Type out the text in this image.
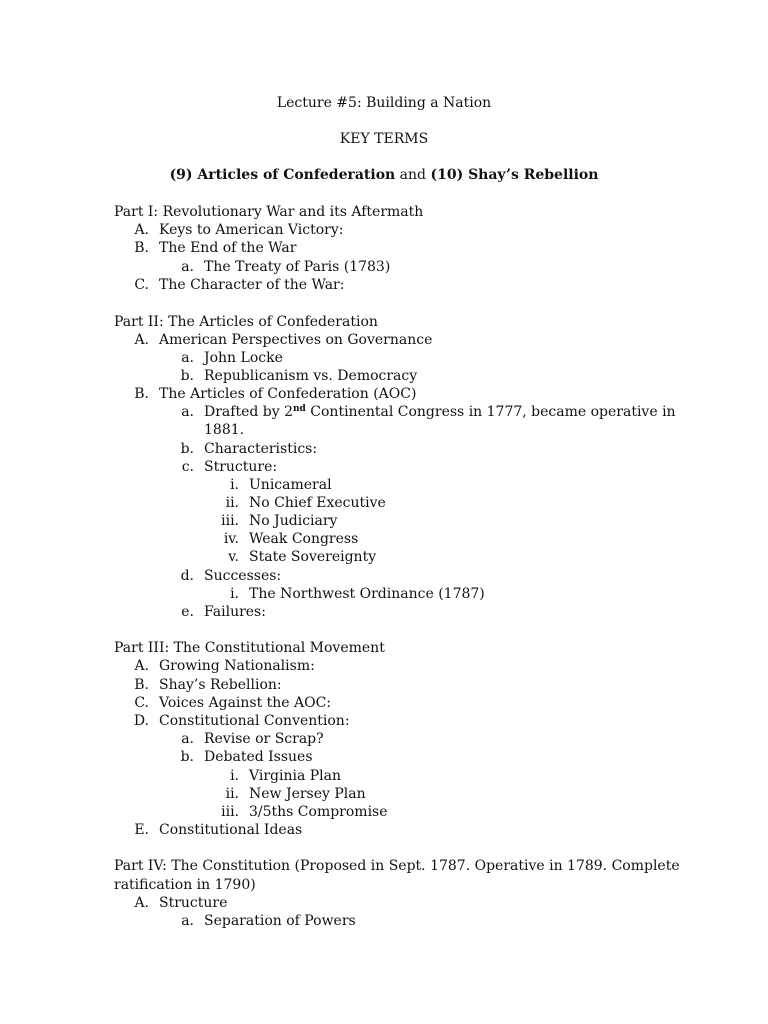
Lecture #5: Building a Nation
KEY TERMS
(9) Articles of Confederation and (10) Shay’s Rebellion
Part I: Revolutionary War and its Aftermath
A. Keys to American Victory:
B. The End of the War
a. The Treaty of Paris (1783)
C. The Character of the War:
Part II: The Articles of Confederation
A. American Perspectives on Governance
a. John Locke
b. Republicanism vs. Democracy
B. The Articles of Confederation (AOC)
a. Drafted by 2nd Continental Congress in 1777, became operative in
1881.
b. Characteristics:
c. Structure:
i. Unicameral
ii. No Chief Executive
iii. No Judiciary
iv. Weak Congress
v. State Sovereignty
d. Successes:
i. The Northwest Ordinance (1787)
e. Failures:
Part III: The Constitutional Movement
A. Growing Nationalism:
B. Shay’s Rebellion:
C. Voices Against the AOC:
D. Constitutional Convention:
a. Revise or Scrap?
b. Debated Issues
i. Virginia Plan
ii. New Jersey Plan
iii. 3/5ths Compromise
E. Constitutional Ideas
Part IV: The Constitution (Proposed in Sept. 1787. Operative in 1789. Complete
ratification in 1790)
A. Structure
a. Separation of Powers
